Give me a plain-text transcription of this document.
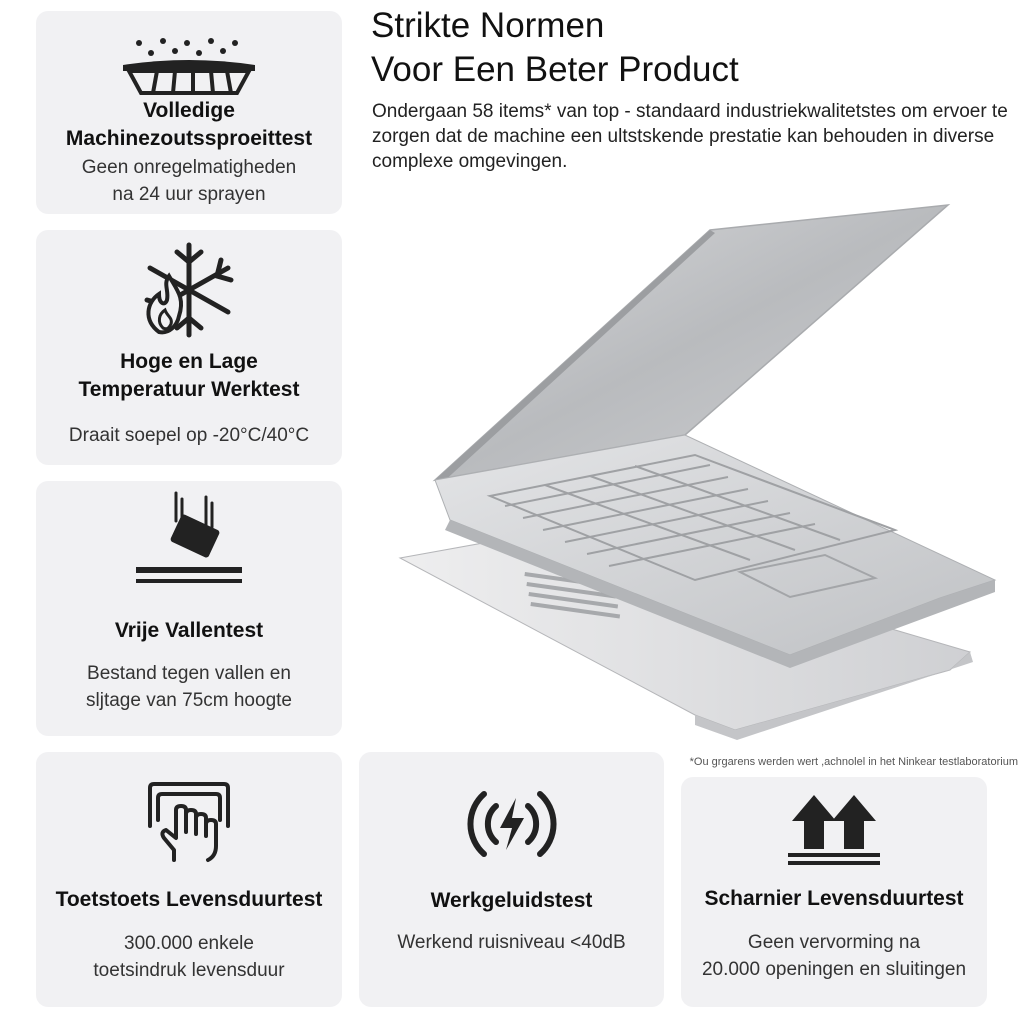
Strikte Normen
Voor Een Beter Product

Ondergaan 58 items* van top - standaard industriekwalitetstes om ervoer te zorgen dat de machine een ultstskende prestatie kan behouden in diverse complexe omgevingen.

*Ou grgarens werden wert ,achnolel in het Ninkear testlaboratorium

Volledige
Machinezoutssproeittest

Geen onregelmatigheden
na 24 uur sprayen

Hoge en Lage
Temperatuur Werktest

Draait soepel op -20°C/40°C

Vrije Vallentest

Bestand tegen vallen en
sljtage van 75cm hoogte

Toetstoets Levensduurtest

300.000 enkele
toetsindruk levensduur

Werkgeluidstest

Werkend ruisniveau <40dB

Scharnier Levensduurtest

Geen vervorming na
20.000 openingen en sluitingen
